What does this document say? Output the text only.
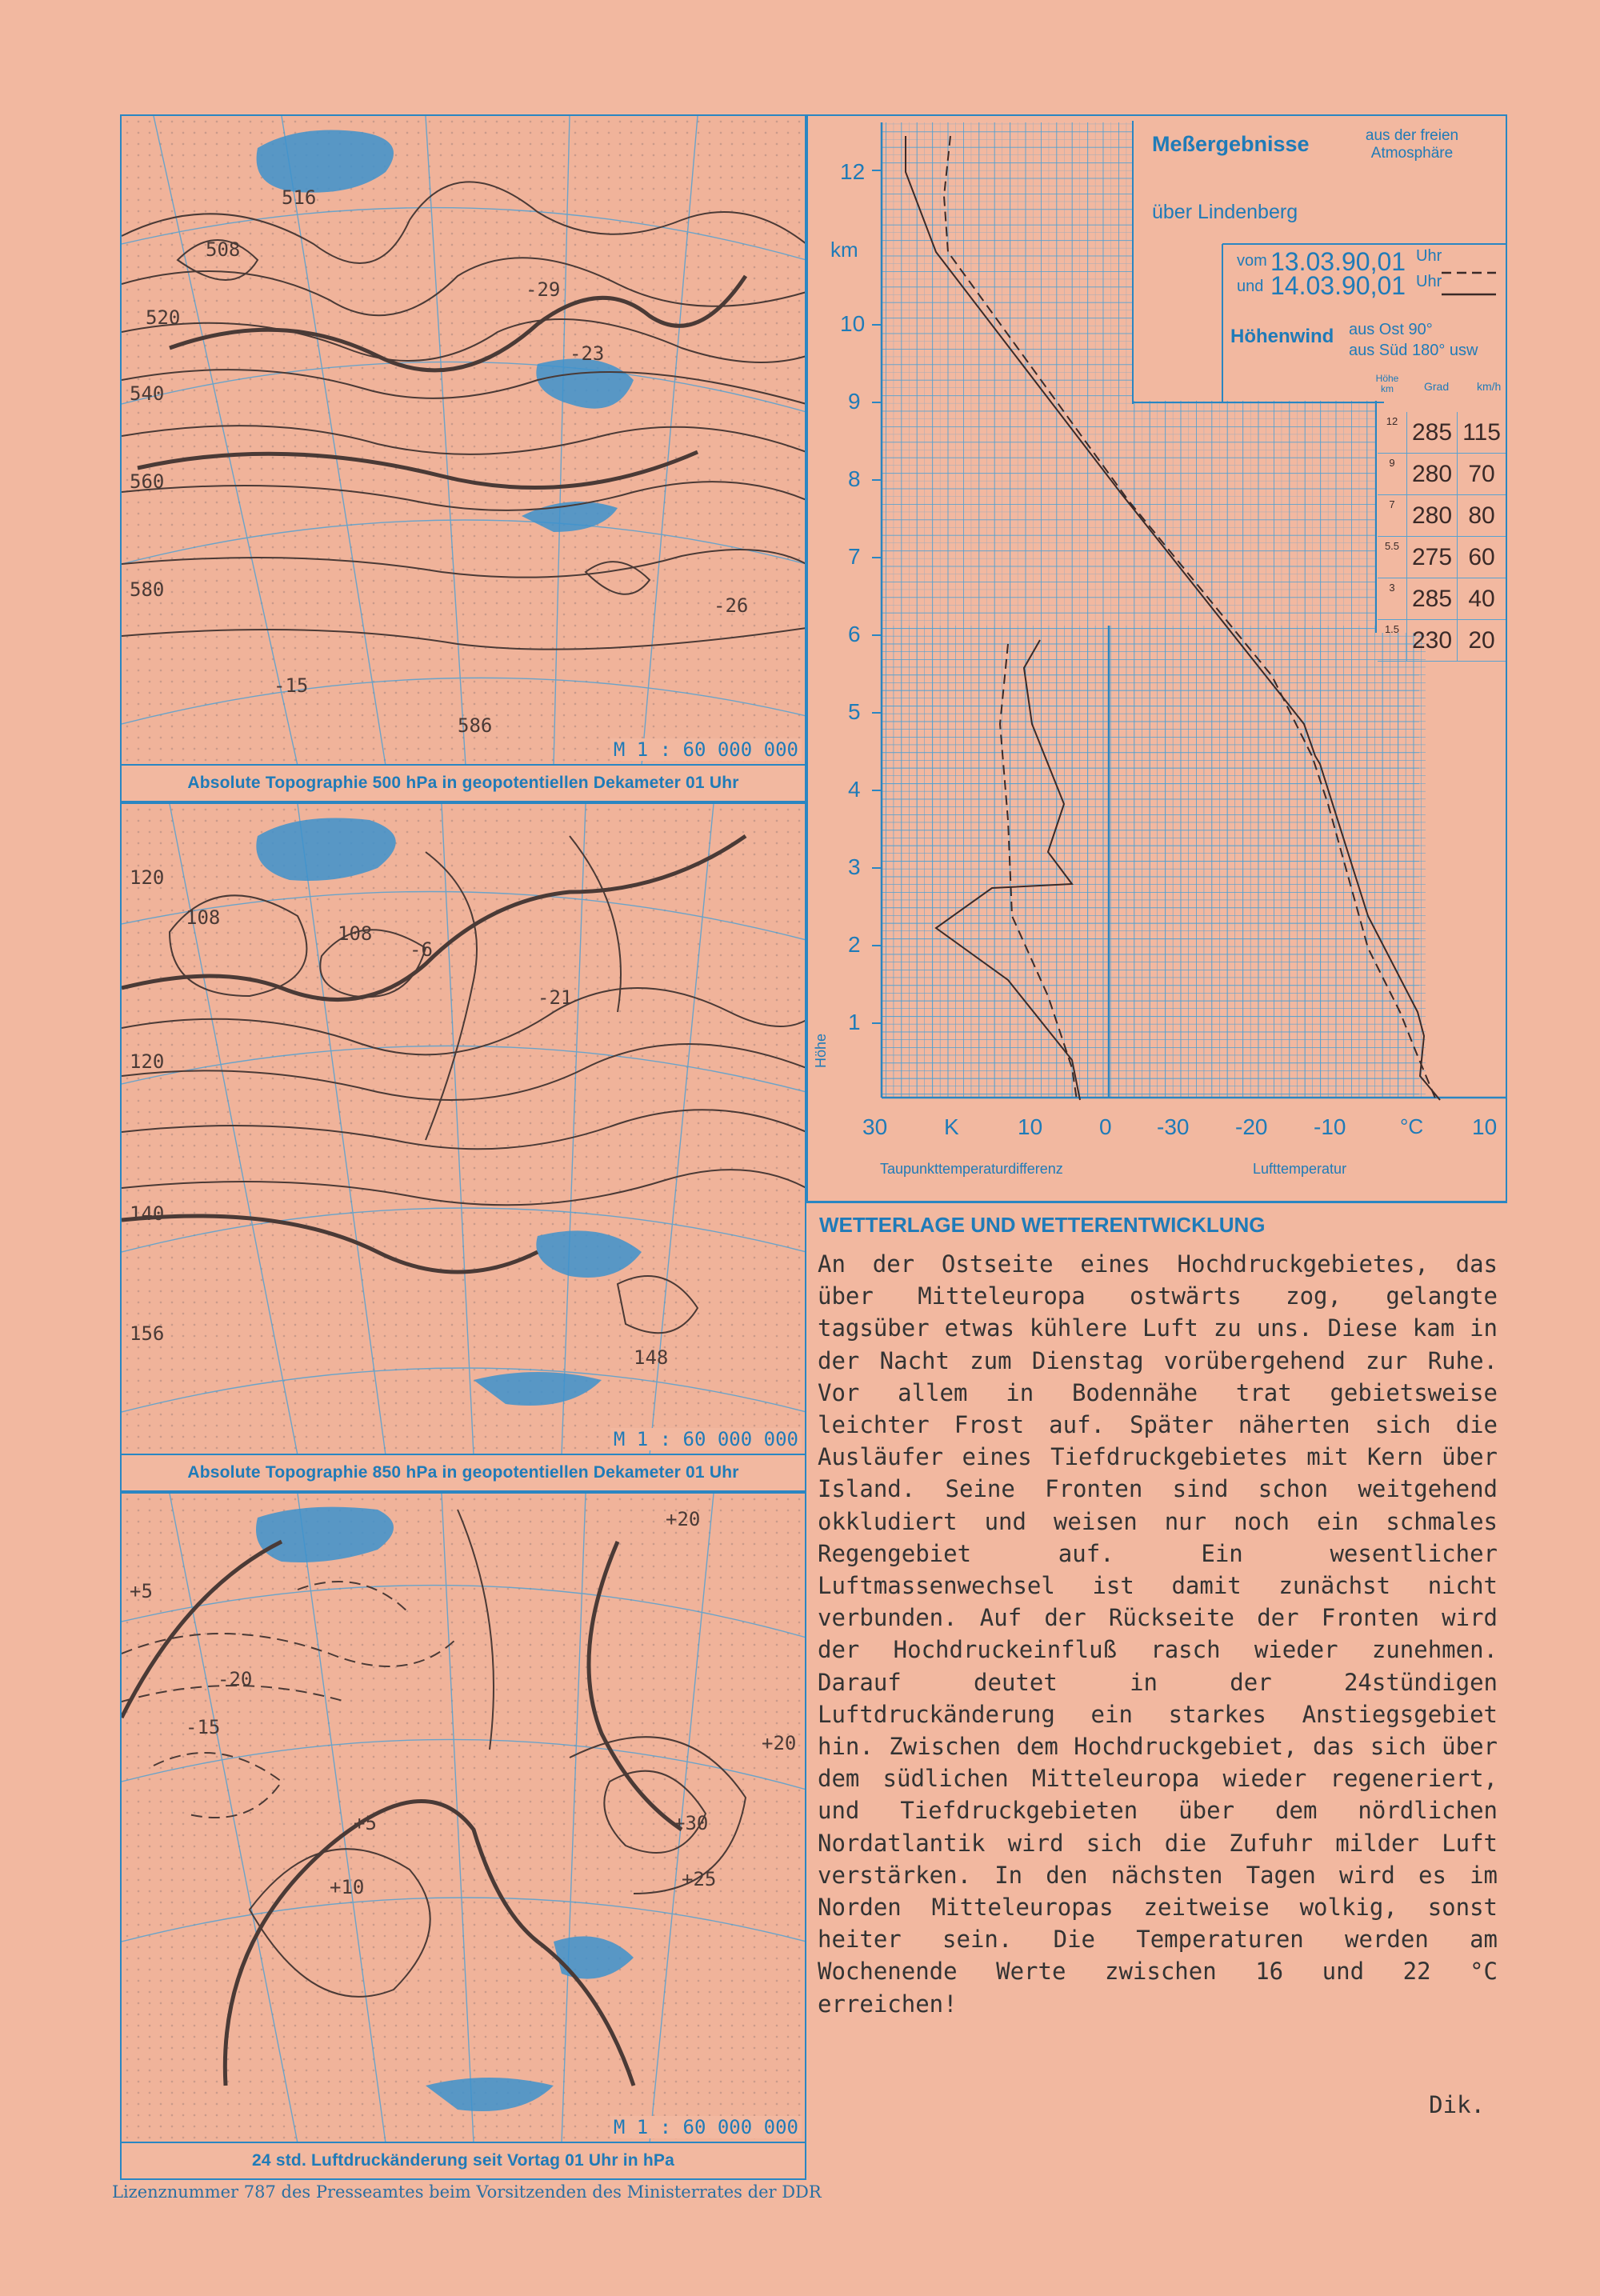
508
516
520
540
560
580
586
-29
-23
-15
-26
M 1 : 60 000 000
Absolute Topographie 500 hPa in geopotentiellen Dekameter 01 Uhr
108
108
120
120
140
156
148
-6
-21
M 1 : 60 000 000
Absolute Topographie 850 hPa in geopotentiellen Dekameter 01 Uhr
+5
+20
+20
+30
+25
+5
+10
-15
-20
M 1 : 60 000 000
24 std. Luftdruckänderung seit Vortag 01 Uhr in hPa
12
km
10
9
8
7
6
5
4
3
2
1
11
Höhe
30	K	10	0 -30 -20 -10	°C 10
Taupunkttemperaturdifferenz	Lufttemperatur
Meßergebnisse	aus der freien Atmosphäre
über Lindenberg
vom 13.03.90,01 Uhr
und 14.03.90,01 Uhr
Höhenwind aus Ost 90°
aus Süd 180° usw
Höhe km	Grad km/h
12	285	115
9	280	70
7	280	80
5.5	275	60
3	285	40
1.5	230	20
WETTERLAGE UND WETTERENTWICKLUNG
An der Ostseite eines Hochdruckgebietes, das über Mitteleuropa ostwärts zog, gelangte tagsüber etwas kühlere Luft zu uns. Diese kam in der Nacht zum Dienstag vorübergehend zur Ruhe. Vor allem in Bodennähe trat gebietsweise leichter Frost auf. Später näherten sich die Ausläufer eines Tiefdruckgebietes mit Kern über Island. Seine Fronten sind schon weitgehend okkludiert und weisen nur noch ein schmales Regengebiet auf. Ein wesentlicher Luftmassenwechsel ist damit zunächst nicht verbunden. Auf der Rückseite der Fronten wird der Hochdruckeinfluß rasch wieder zunehmen. Darauf deutet in der 24stündigen Luftdruckänderung ein starkes Anstiegsgebiet hin. Zwischen dem Hochdruckgebiet, das sich über dem südlichen Mitteleuropa wieder regeneriert, und Tiefdruckgebieten über dem nördlichen Nordatlantik wird sich die Zufuhr milder Luft verstärken. In den nächsten Tagen wird es im Norden Mitteleuropas zeitweise wolkig, sonst heiter sein. Die Temperaturen werden am Wochenende Werte zwischen 16 und 22 °C erreichen!
Dik.
Lizenznummer 787 des Presseamtes beim Vorsitzenden des Ministerrates der DDR
